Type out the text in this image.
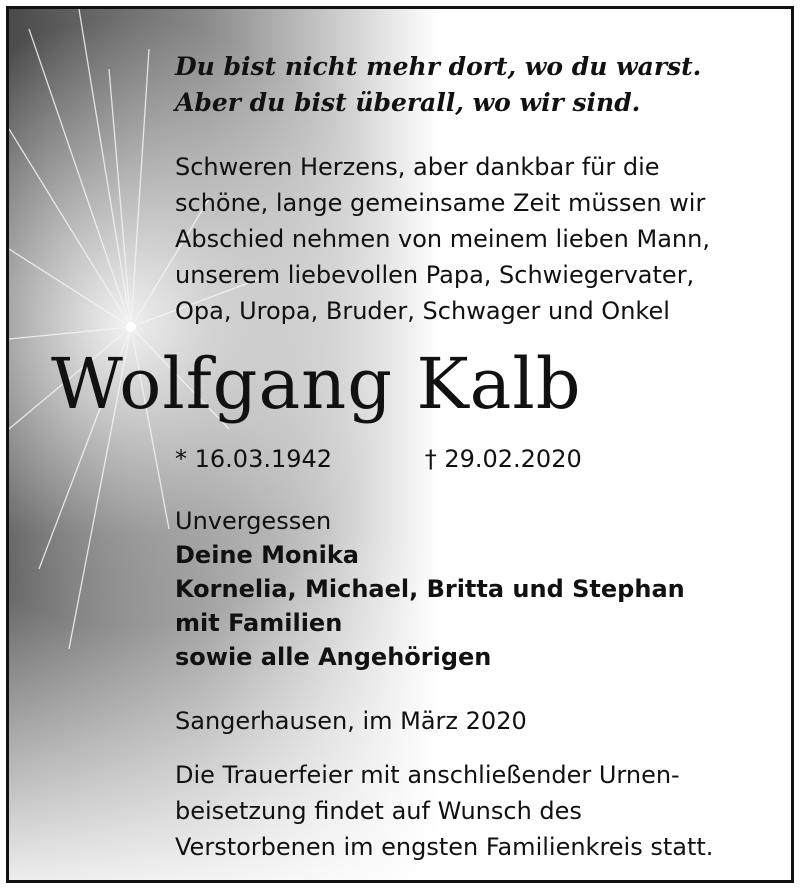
Du bist nicht mehr dort, wo du warst.
Aber du bist überall, wo wir sind.
Schweren Herzens, aber dankbar für die
schöne, lange gemeinsame Zeit müssen wir
Abschied nehmen von meinem lieben Mann,
unserem liebevollen Papa, Schwiegervater,
Opa, Uropa, Bruder, Schwager und Onkel
Wolfgang Kalb
* 16.03.1942	† 29.02.2020
Unvergessen
Deine Monika
Kornelia, Michael, Britta und Stephan
mit Familien
sowie alle Angehörigen
Sangerhausen, im März 2020
Die Trauerfeier mit anschließender Urnen-
beisetzung findet auf Wunsch des
Verstorbenen im engsten Familienkreis statt.
